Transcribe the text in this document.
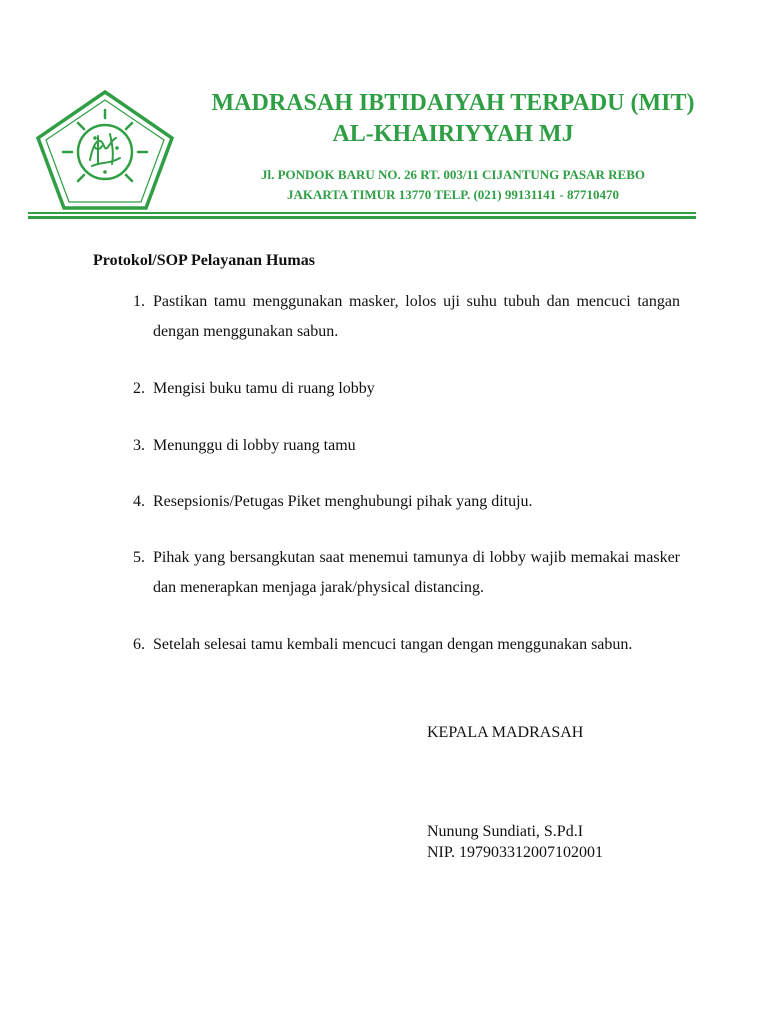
MADRASAH IBTIDAIYAH TERPADU (MIT)

AL-KHAIRIYYAH MJ

Jl. PONDOK BARU NO. 26 RT. 003/11 CIJANTUNG PASAR REBO

JAKARTA TIMUR 13770 TELP. (021) 99131141 - 87710470

Protokol/SOP Pelayanan Humas

1. Pastikan tamu menggunakan masker, lolos uji suhu tubuh dan mencuci tangan dengan menggunakan sabun.
2. Mengisi buku tamu di ruang lobby
3. Menunggu di lobby ruang tamu
4. Resepsionis/Petugas Piket menghubungi pihak yang dituju.
5. Pihak yang bersangkutan saat menemui tamunya di lobby wajib memakai masker dan menerapkan menjaga jarak/physical distancing.
6. Setelah selesai tamu kembali mencuci tangan dengan menggunakan sabun.

KEPALA MADRASAH

Nunung Sundiati, S.Pd.I

NIP. 197903312007102001
